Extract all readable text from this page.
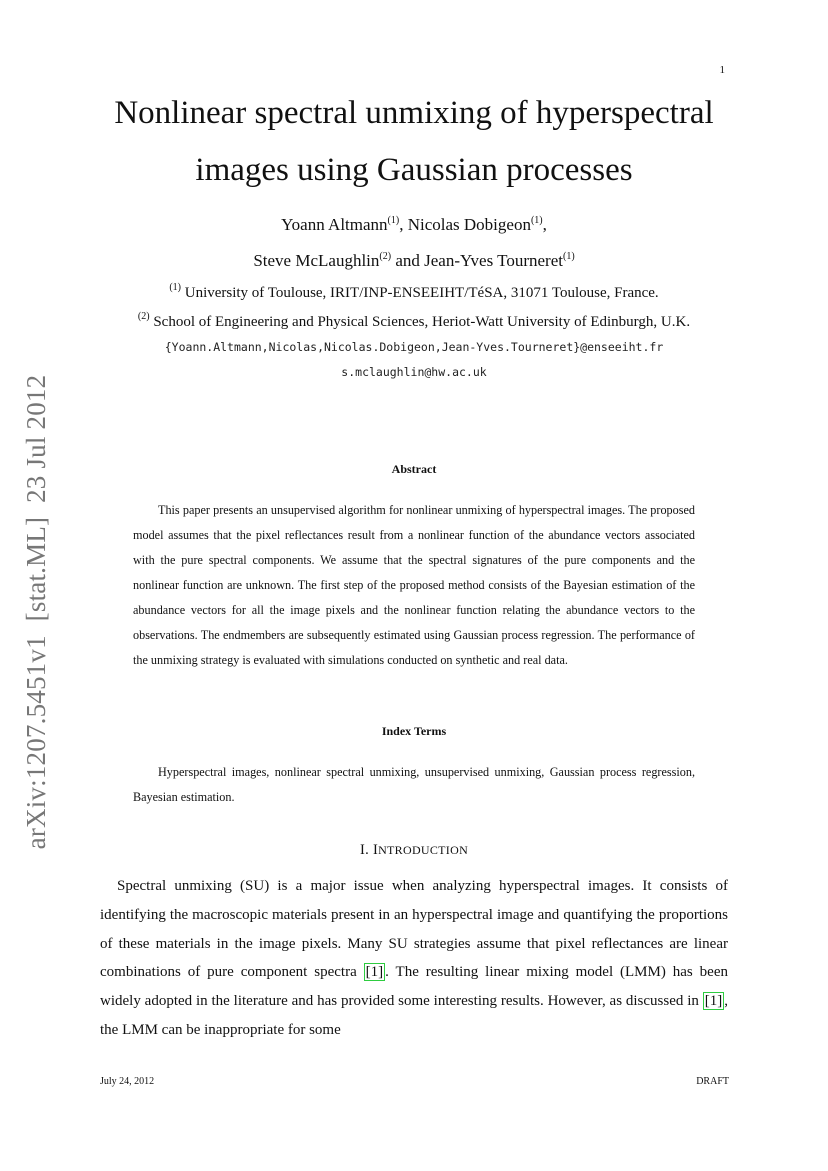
1
Nonlinear spectral unmixing of hyperspectral
images using Gaussian processes
Yoann Altmann$^{(1)}$, Nicolas Dobigeon$^{(1)}$,
Steve McLaughlin$^{(2)}$ and Jean-Yves Tourneret$^{(1)}$
$^{(1)}$ University of Toulouse, IRIT/INP-ENSEEIHT/TéSA, 31071 Toulouse, France.
$^{(2)}$ School of Engineering and Physical Sciences, Heriot-Watt University of Edinburgh, U.K.
{Yoann.Altmann,Nicolas,Nicolas.Dobigeon,Jean-Yves.Tourneret}@enseeiht.fr
s.mclaughlin@hw.ac.uk
arXiv:1207.5451v1  [stat.ML]  23 Jul 2012	Abstract

This paper presents an unsupervised algorithm for nonlinear unmixing of hyperspectral images. The proposed model assumes that the pixel reflectances result from a nonlinear function of the abundance vectors associated with the pure spectral components. We assume that the spectral signatures of the pure components and the nonlinear function are unknown. The first step of the proposed method consists of the Bayesian estimation of the abundance vectors for all the image pixels and the nonlinear function relating the abundance vectors to the observations. The endmembers are subsequently estimated using Gaussian process regression. The performance of the unmixing strategy is evaluated with simulations conducted on synthetic and real data.

Index Terms

Hyperspectral images, nonlinear spectral unmixing, unsupervised unmixing, Gaussian process regression, Bayesian estimation.

I. INTRODUCTION

Spectral unmixing (SU) is a major issue when analyzing hyperspectral images. It consists of identifying the macroscopic materials present in an hyperspectral image and quantifying the proportions of these materials in the image pixels. Many SU strategies assume that pixel reflectances are linear combinations of pure component spectra [1] . The resulting linear mixing model (LMM) has been widely adopted in the literature and has provided some interesting results. However, as discussed in [1] , the LMM can be inappropriate for some

July 24, 2012	DRAFT
